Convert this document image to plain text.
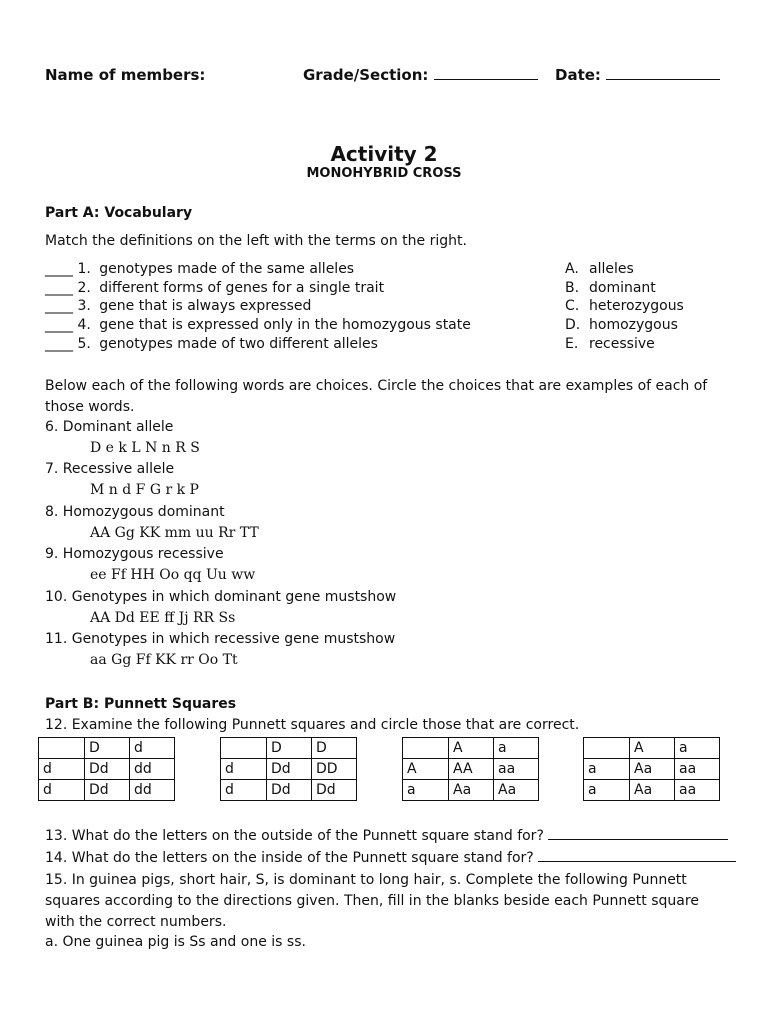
Name of members:	Grade/Section:	Date:
Activity 2
MONOHYBRID CROSS
Part A: Vocabulary
Match the definitions on the left with the terms on the right.
____ 1. genotypes made of the same alleles
____ 2. different forms of genes for a single trait
____ 3. gene that is always expressed
____ 4. gene that is expressed only in the homozygous state
____ 5. genotypes made of two different alleles
A. alleles
B. dominant
C. heterozygous
D. homozygous
E. recessive
Below each of the following words are choices. Circle the choices that are examples of each of those words.
6. Dominant allele
D e k L N n R S
7. Recessive allele
M n d F G r k P
8. Homozygous dominant
AA Gg KK mm uu Rr TT
9. Homozygous recessive
ee Ff HH Oo qq Uu ww
10. Genotypes in which dominant gene mustshow
AA Dd EE ff Jj RR Ss
11. Genotypes in which recessive gene mustshow
aa Gg Ff KK rr Oo Tt
Part B: Punnett Squares
12. Examine the following Punnett squares and circle those that are correct.
	D	d
d	Dd	dd
d	Dd	dd
	D	D
d	Dd	DD
d	Dd	Dd
	A	a
A	AA	aa
a	Aa	Aa
	A	a
a	Aa	aa
a	Aa	aa
13. What do the letters on the outside of the Punnett square stand for?
14. What do the letters on the inside of the Punnett square stand for?
15. In guinea pigs, short hair, S, is dominant to long hair, s. Complete the following Punnett squares according to the directions given. Then, fill in the blanks beside each Punnett square with the correct numbers.
a. One guinea pig is Ss and one is ss.
